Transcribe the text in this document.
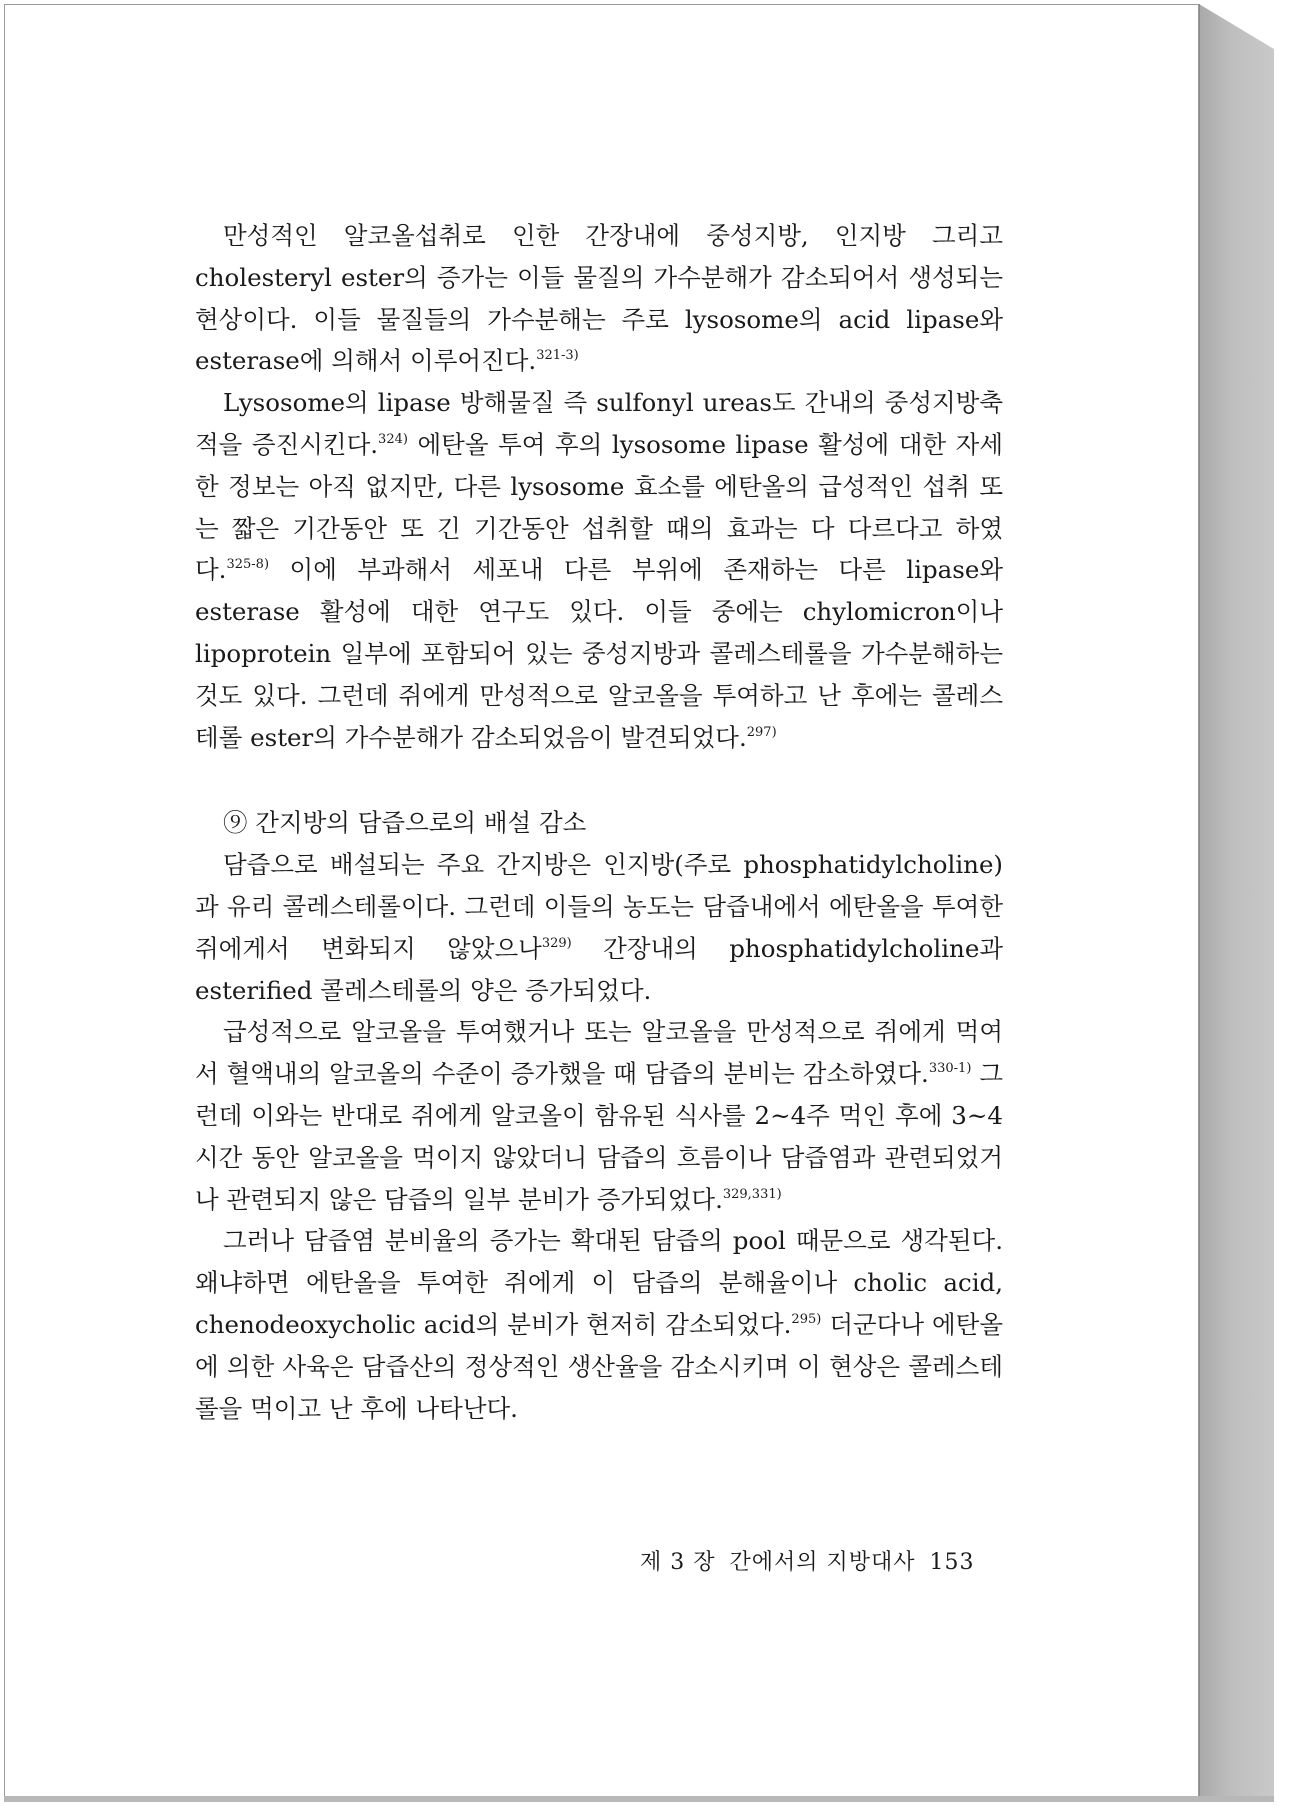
만성적인 알코올섭취로 인한 간장내에 중성지방, 인지방 그리고 cholesteryl ester의 증가는 이들 물질의 가수분해가 감소되어서 생성되는 현상이다. 이들 물질들의 가수분해는 주로 lysosome의 acid lipase와 esterase에 의해서 이루어진다.$^{321-3)}$

Lysosome의 lipase 방해물질 즉 sulfonyl ureas도 간내의 중성지방축적을 증진시킨다.$^{324)}$ 에탄올 투여 후의 lysosome lipase 활성에 대한 자세한 정보는 아직 없지만, 다른 lysosome 효소를 에탄올의 급성적인 섭취 또는 짧은 기간동안 또 긴 기간동안 섭취할 때의 효과는 다 다르다고 하였다.$^{325-8)}$ 이에 부과해서 세포내 다른 부위에 존재하는 다른 lipase와 esterase 활성에 대한 연구도 있다. 이들 중에는 chylomicron이나 lipoprotein 일부에 포함되어 있는 중성지방과 콜레스테롤을 가수분해하는 것도 있다. 그런데 쥐에게 만성적으로 알코올을 투여하고 난 후에는 콜레스테롤 ester의 가수분해가 감소되었음이 발견되었다.$^{297)}$

⑨ 간지방의 담즙으로의 배설 감소

담즙으로 배설되는 주요 간지방은 인지방(주로 phosphatidylcholine)과 유리 콜레스테롤이다. 그런데 이들의 농도는 담즙내에서 에탄올을 투여한 쥐에게서 변화되지 않았으나$^{329)}$ 간장내의 phosphatidylcholine과 esterified 콜레스테롤의 양은 증가되었다.

급성적으로 알코올을 투여했거나 또는 알코올을 만성적으로 쥐에게 먹여서 혈액내의 알코올의 수준이 증가했을 때 담즙의 분비는 감소하였다.$^{330-1)}$ 그런데 이와는 반대로 쥐에게 알코올이 함유된 식사를 2~4주 먹인 후에 3~4시간 동안 알코올을 먹이지 않았더니 담즙의 흐름이나 담즙염과 관련되었거나 관련되지 않은 담즙의 일부 분비가 증가되었다.$^{329,331)}$

그러나 담즙염 분비율의 증가는 확대된 담즙의 pool 때문으로 생각된다. 왜냐하면 에탄올을 투여한 쥐에게 이 담즙의 분해율이나 cholic acid, chenodeoxycholic acid의 분비가 현저히 감소되었다.$^{295)}$ 더군다나 에탄올에 의한 사육은 담즙산의 정상적인 생산율을 감소시키며 이 현상은 콜레스테롤을 먹이고 난 후에 나타난다.

제 3 장 간에서의 지방대사 153
